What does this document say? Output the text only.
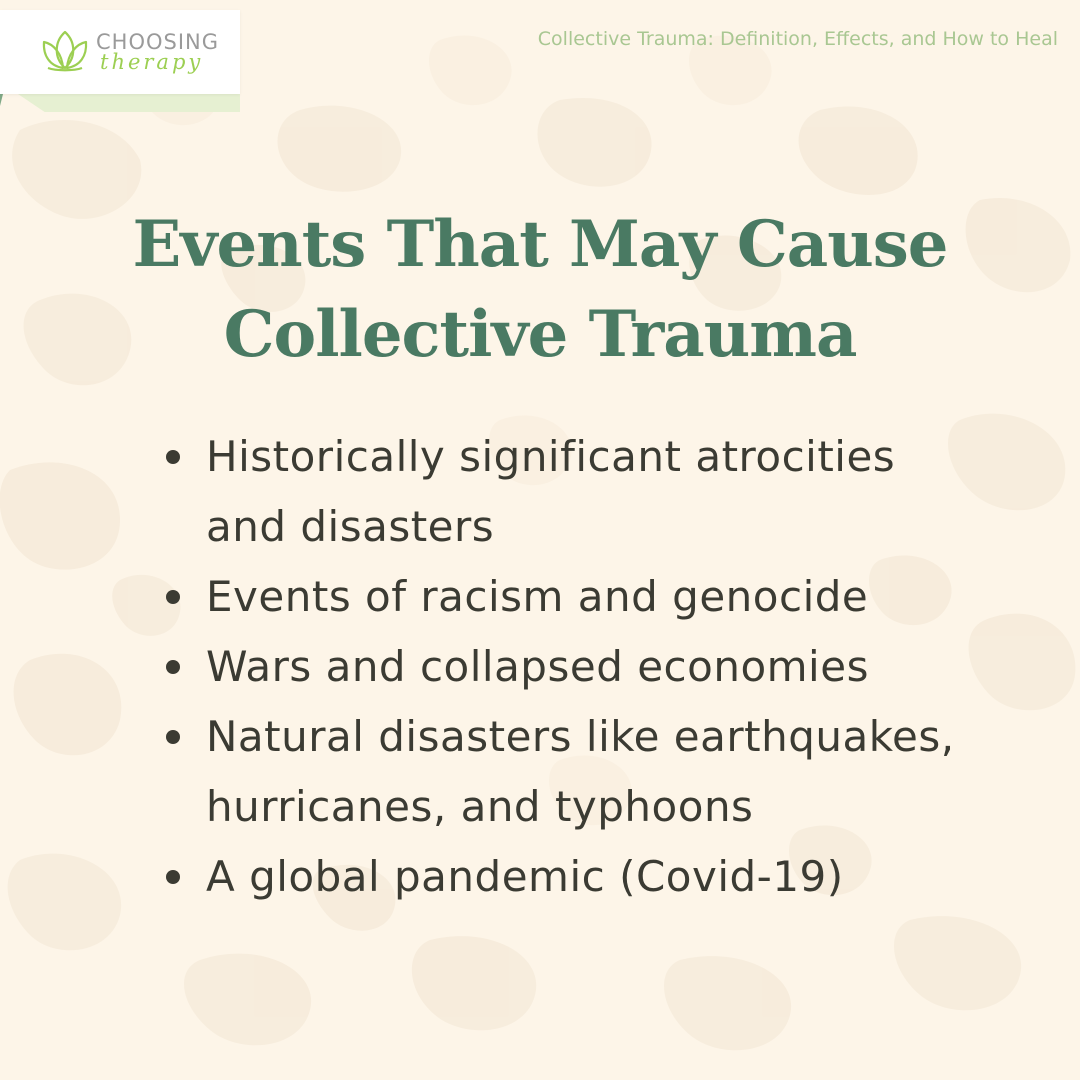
CHOOSING
therapy
Collective Trauma: Definition, Effects, and How to Heal
Events That May Cause
Collective Trauma
Historically significant atrocities
and disasters
Events of racism and genocide
Wars and collapsed economies
Natural disasters like earthquakes,
hurricanes, and typhoons
A global pandemic (Covid-19)
